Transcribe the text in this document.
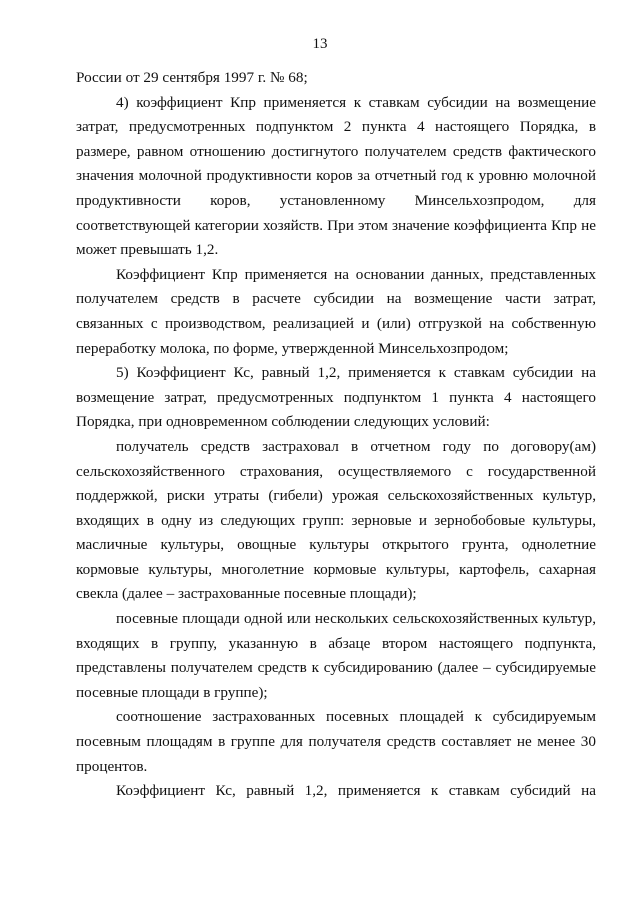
13

России от 29 сентября 1997 г. № 68;

4) коэффициент Кпр применяется к ставкам субсидии на возмещение затрат, предусмотренных подпунктом 2 пункта 4 настоящего Порядка, в размере, равном отношению достигнутого получателем средств фактического значения молочной продуктивности коров за отчетный год к уровню молочной продуктивности коров, установленному Минсельхозпродом, для соответствующей категории хозяйств. При этом значение коэффициента Кпр не может превышать 1,2.

Коэффициент Кпр применяется на основании данных, представленных получателем средств в расчете субсидии на возмещение части затрат, связанных с производством, реализацией и (или) отгрузкой на собственную переработку молока, по форме, утвержденной Минсельхозпродом;

5) Коэффициент Кс, равный 1,2, применяется к ставкам субсидии на возмещение затрат, предусмотренных подпунктом 1 пункта 4 настоящего Порядка, при одновременном соблюдении следующих условий:

получатель средств застраховал в отчетном году по договору(ам) сельскохозяйственного страхования, осуществляемого с государственной поддержкой, риски утраты (гибели) урожая сельскохозяйственных культур, входящих в одну из следующих групп: зерновые и зернобобовые культуры, масличные культуры, овощные культуры открытого грунта, однолетние кормовые культуры, многолетние кормовые культуры, картофель, сахарная свекла (далее – застрахованные посевные площади);

посевные площади одной или нескольких сельскохозяйственных культур, входящих в группу, указанную в абзаце втором настоящего подпункта, представлены получателем средств к субсидированию (далее – субсидируемые посевные площади в группе);

соотношение застрахованных посевных площадей к субсидируемым посевным площадям в группе для получателя средств составляет не менее 30 процентов.

Коэффициент Кс, равный 1,2, применяется к ставкам субсидий на
